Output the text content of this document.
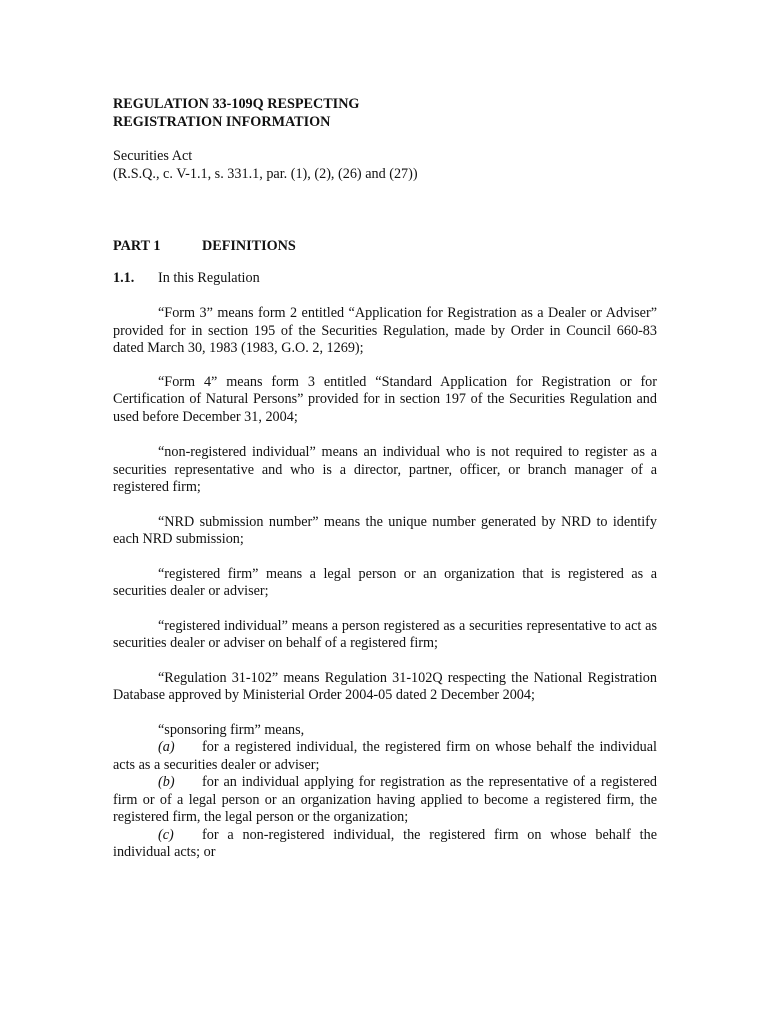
REGULATION 33-109Q RESPECTING
REGISTRATION INFORMATION
Securities Act
(R.S.Q., c. V-1.1, s. 331.1, par. (1), (2), (26) and (27))
PART 1	DEFINITIONS
1.1. In this Regulation

“Form 3” means form 2 entitled “Application for Registration as a Dealer or Adviser” provided for in section 195 of the Securities Regulation, made by Order in Council 660-83 dated March 30, 1983 (1983, G.O. 2, 1269);

“Form 4” means form 3 entitled “Standard Application for Registration or for Certification of Natural Persons” provided for in section 197 of the Securities Regulation and used before December 31, 2004;

“non-registered individual” means an individual who is not required to register as a securities representative and who is a director, partner, officer, or branch manager of a registered firm;

“NRD submission number” means the unique number generated by NRD to identify each NRD submission;

“registered firm” means a legal person or an organization that is registered as a securities dealer or adviser;

“registered individual” means a person registered as a securities representative to act as securities dealer or adviser on behalf of a registered firm;

“Regulation 31-102” means Regulation 31-102Q respecting the National Registration Database approved by Ministerial Order 2004-05 dated 2 December 2004;

“sponsoring firm” means,

(a) for a registered individual, the registered firm on whose behalf the individual acts as a securities dealer or adviser;

(b) for an individual applying for registration as the representative of a registered firm or of a legal person or an organization having applied to become a registered firm, the registered firm, the legal person or the organization;

(c) for a non-registered individual, the registered firm on whose behalf the individual acts; or
